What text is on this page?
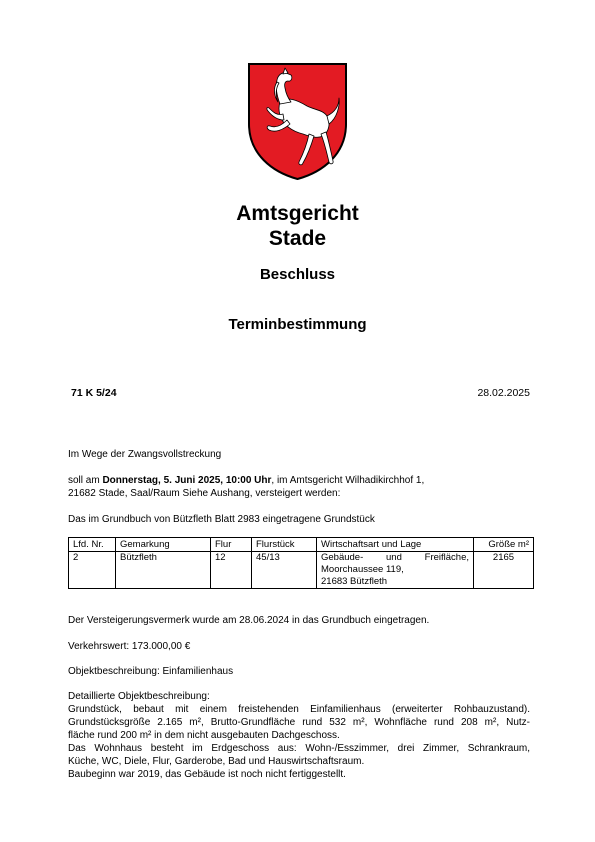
Amtsgericht
Stade
Beschluss
Terminbestimmung
71 K 5/24	28.02.2025
Im Wege der Zwangsvollstreckung
soll am Donnerstag, 5. Juni 2025, 10:00 Uhr, im Amtsgericht Wilhadikirchhof 1,
21682 Stade, Saal/Raum Siehe Aushang, versteigert werden:
Das im Grundbuch von Bützfleth Blatt 2983 eingetragene Grundstück
Lfd. Nr.	Gemarkung	Flur	Flurstück	Wirtschaftsart und Lage	Größe m²
2	Bützfleth	12	45/13	Gebäude- und Freifläche,
Moorchaussee 119,
21683 Bützfleth	2165
Der Versteigerungsvermerk wurde am 28.06.2024 in das Grundbuch eingetragen.
Verkehrswert: 173.000,00 €
Objektbeschreibung: Einfamilienhaus
Detaillierte Objektbeschreibung:
Grundstück, bebaut mit einem freistehenden Einfamilienhaus (erweiterter Rohbauzustand).
Grundstücksgröße 2.165 m², Brutto-Grundfläche rund 532 m², Wohnfläche rund 208 m², Nutz-
fläche rund 200 m² in dem nicht ausgebauten Dachgeschoss.
Das Wohnhaus besteht im Erdgeschoss aus: Wohn-/Esszimmer, drei Zimmer, Schrankraum,
Küche, WC, Diele, Flur, Garderobe, Bad und Hauswirtschaftsraum.
Baubeginn war 2019, das Gebäude ist noch nicht fertiggestellt.
